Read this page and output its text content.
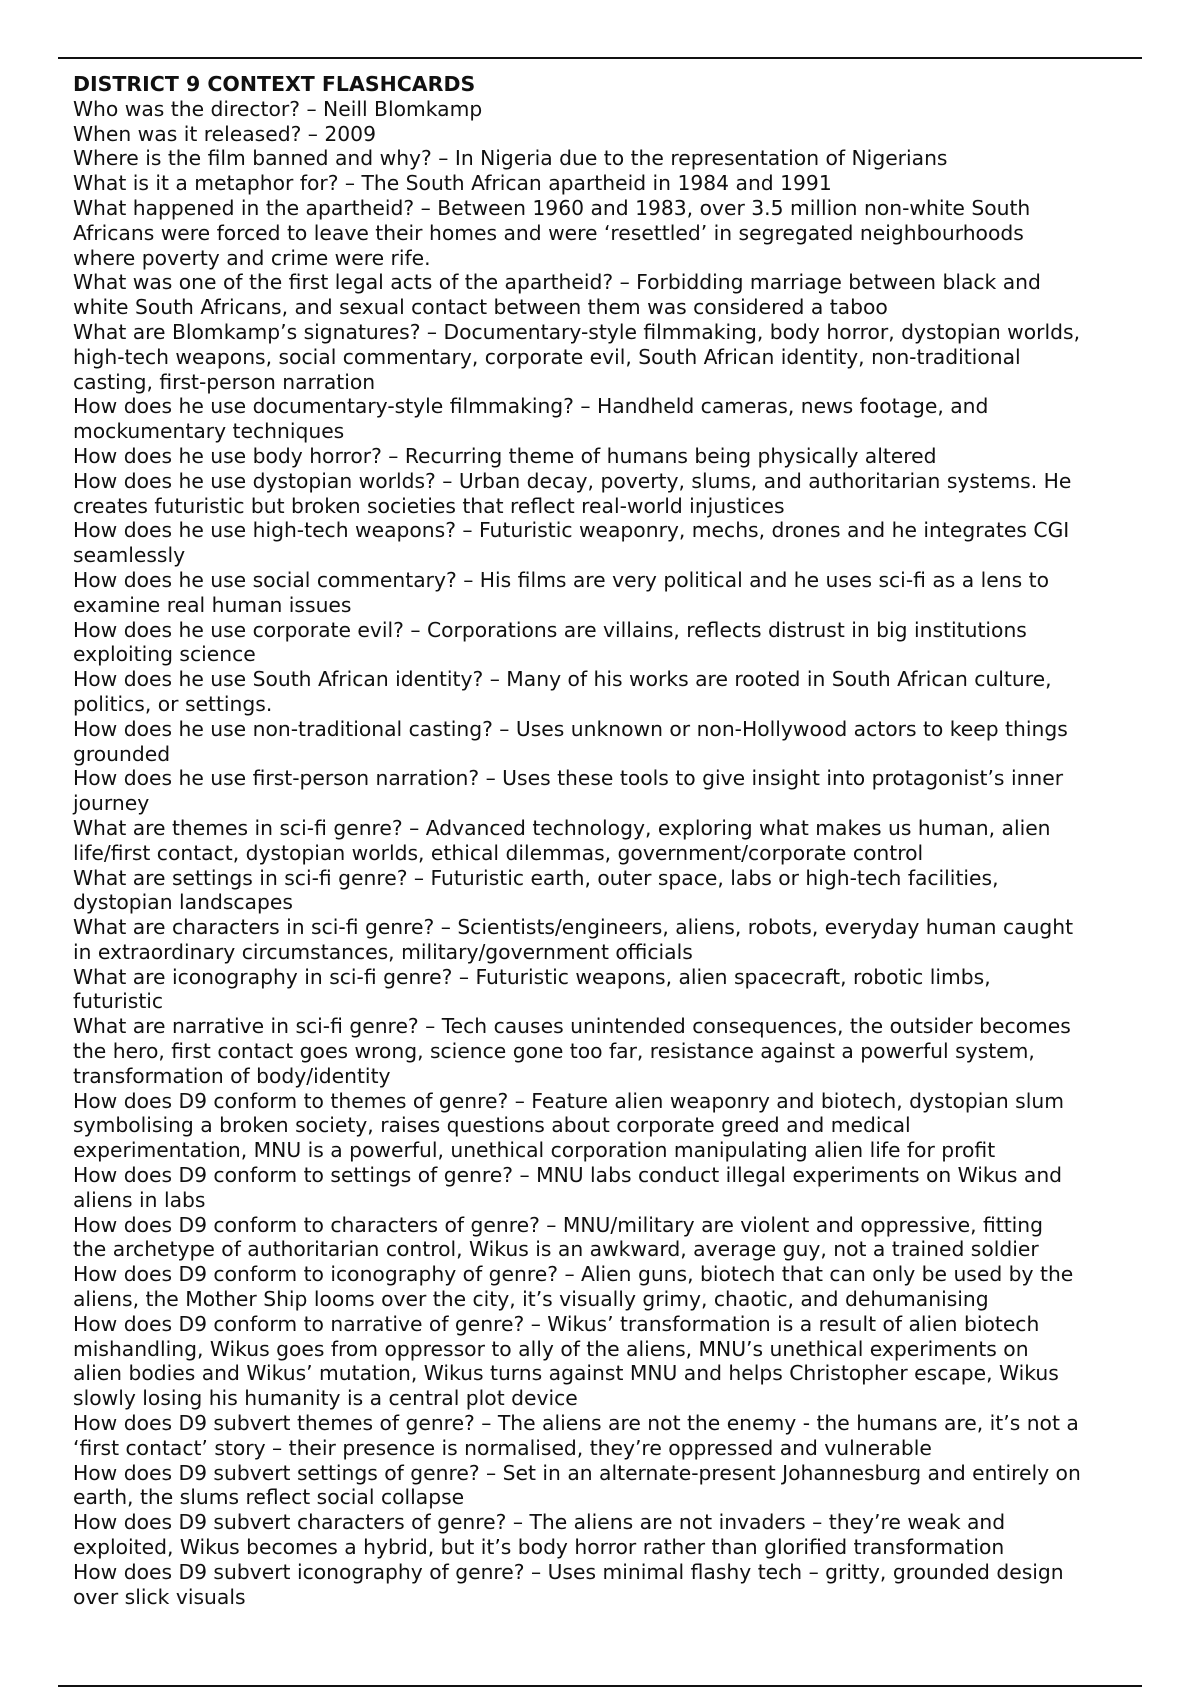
DISTRICT 9 CONTEXT FLASHCARDS

Who was the director? – Neill Blomkamp

When was it released? – 2009

Where is the film banned and why? – In Nigeria due to the representation of Nigerians

What is it a metaphor for? – The South African apartheid in 1984 and 1991

What happened in the apartheid? – Between 1960 and 1983, over 3.5 million non-white South

Africans were forced to leave their homes and were ‘resettled’ in segregated neighbourhoods

where poverty and crime were rife.

What was one of the first legal acts of the apartheid? – Forbidding marriage between black and

white South Africans, and sexual contact between them was considered a taboo

What are Blomkamp’s signatures? – Documentary-style filmmaking, body horror, dystopian worlds,

high-tech weapons, social commentary, corporate evil, South African identity, non-traditional

casting, first-person narration

How does he use documentary-style filmmaking? – Handheld cameras, news footage, and

mockumentary techniques

How does he use body horror? – Recurring theme of humans being physically altered

How does he use dystopian worlds? – Urban decay, poverty, slums, and authoritarian systems. He

creates futuristic but broken societies that reflect real-world injustices

How does he use high-tech weapons? – Futuristic weaponry, mechs, drones and he integrates CGI

seamlessly

How does he use social commentary? – His films are very political and he uses sci-fi as a lens to

examine real human issues

How does he use corporate evil? – Corporations are villains, reflects distrust in big institutions

exploiting science

How does he use South African identity? – Many of his works are rooted in South African culture,

politics, or settings.

How does he use non-traditional casting? – Uses unknown or non-Hollywood actors to keep things

grounded

How does he use first-person narration? – Uses these tools to give insight into protagonist’s inner

journey

What are themes in sci-fi genre? – Advanced technology, exploring what makes us human, alien

life/first contact, dystopian worlds, ethical dilemmas, government/corporate control

What are settings in sci-fi genre? – Futuristic earth, outer space, labs or high-tech facilities,

dystopian landscapes

What are characters in sci-fi genre? – Scientists/engineers, aliens, robots, everyday human caught

in extraordinary circumstances, military/government officials

What are iconography in sci-fi genre? – Futuristic weapons, alien spacecraft, robotic limbs,

futuristic

What are narrative in sci-fi genre? – Tech causes unintended consequences, the outsider becomes

the hero, first contact goes wrong, science gone too far, resistance against a powerful system,

transformation of body/identity

How does D9 conform to themes of genre? – Feature alien weaponry and biotech, dystopian slum

symbolising a broken society, raises questions about corporate greed and medical

experimentation, MNU is a powerful, unethical corporation manipulating alien life for profit

How does D9 conform to settings of genre? – MNU labs conduct illegal experiments on Wikus and

aliens in labs

How does D9 conform to characters of genre? – MNU/military are violent and oppressive, fitting

the archetype of authoritarian control, Wikus is an awkward, average guy, not a trained soldier

How does D9 conform to iconography of genre? – Alien guns, biotech that can only be used by the

aliens, the Mother Ship looms over the city, it’s visually grimy, chaotic, and dehumanising

How does D9 conform to narrative of genre? – Wikus’ transformation is a result of alien biotech

mishandling, Wikus goes from oppressor to ally of the aliens, MNU’s unethical experiments on

alien bodies and Wikus’ mutation, Wikus turns against MNU and helps Christopher escape, Wikus

slowly losing his humanity is a central plot device

How does D9 subvert themes of genre? – The aliens are not the enemy - the humans are, it’s not a

‘first contact’ story – their presence is normalised, they’re oppressed and vulnerable

How does D9 subvert settings of genre? – Set in an alternate-present Johannesburg and entirely on

earth, the slums reflect social collapse

How does D9 subvert characters of genre? – The aliens are not invaders – they’re weak and

exploited, Wikus becomes a hybrid, but it’s body horror rather than glorified transformation

How does D9 subvert iconography of genre? – Uses minimal flashy tech – gritty, grounded design

over slick visuals
